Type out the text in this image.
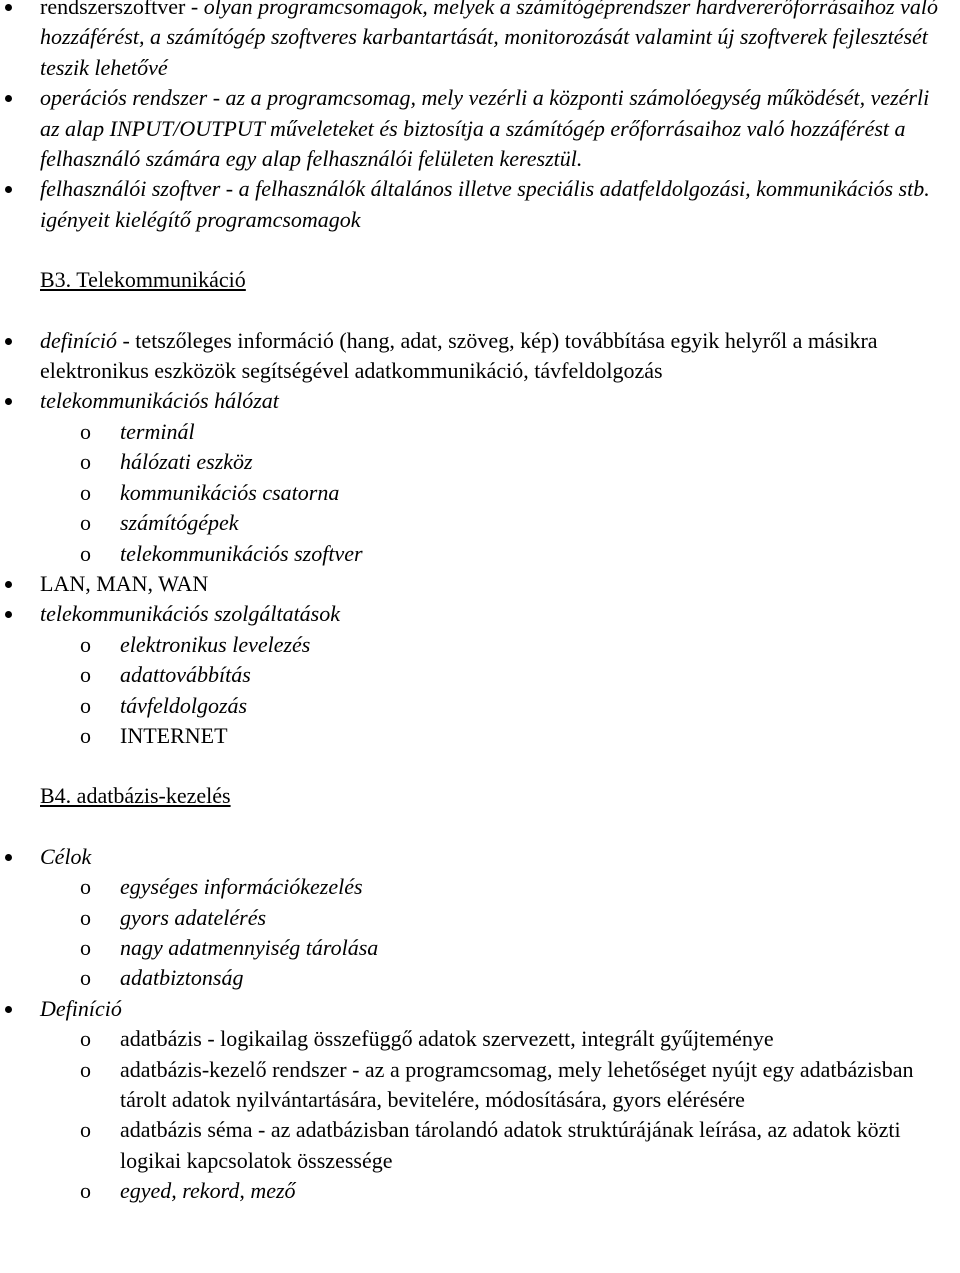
rendszerszoftver - olyan programcsomagok, melyek a számítógéprendszer hardvererőforrásaihoz való hozzáférést, a számítógép szoftveres karbantartását, monitorozását valamint új szoftverek fejlesztését teszik lehetővé
operációs rendszer - az a programcsomag, mely vezérli a központi számolóegység működését, vezérli az alap INPUT/OUTPUT műveleteket és biztosítja a számítógép erőforrásaihoz való hozzáférést a felhasználó számára egy alap felhasználói felületen keresztül.
felhasználói szoftver - a felhasználók általános illetve speciális adatfeldolgozási, kommunikációs stb. igényeit kielégítő programcsomagok
B3. Telekommunikáció
definíció - tetszőleges információ (hang, adat, szöveg, kép) továbbítása egyik helyről a másikra elektronikus eszközök segítségével adatkommunikáció, távfeldolgozás
telekommunikációs hálózat
o terminál
o hálózati eszköz
o kommunikációs csatorna
o számítógépek
o telekommunikációs szoftver
LAN, MAN, WAN
telekommunikációs szolgáltatások
o elektronikus levelezés
o adattovábbítás
o távfeldolgozás
o INTERNET
B4. adatbázis-kezelés
Célok
o egységes információkezelés
o gyors adatelérés
o nagy adatmennyiség tárolása
o adatbiztonság
Definíció
o adatbázis - logikailag összefüggő adatok szervezett, integrált gyűjteménye
o adatbázis-kezelő rendszer - az a programcsomag, mely lehetőséget nyújt egy adatbázisban tárolt adatok nyilvántartására, bevitelére, módosítására, gyors elérésére
o adatbázis séma - az adatbázisban tárolandó adatok struktúrájának leírása, az adatok közti logikai kapcsolatok összessége
o egyed, rekord, mező
